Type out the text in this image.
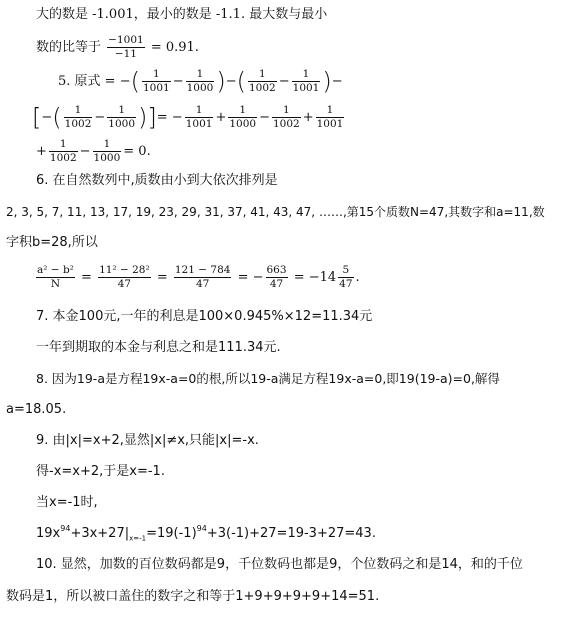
大的数是 -1.001，最小的数是 -1.1. 最大数与最小
数的比等于 $\frac{-1001}{-11} = 0.91$.
5. 原式 = −( $\frac{1}{1001} - \frac{1}{1000}$ )−( $\frac{1}{1002} - \frac{1}{1001}$ )−
[−( $\frac{1}{1002} - \frac{1}{1000}$ )]= − $\frac{1}{1001} + \frac{1}{1000} - \frac{1}{1002} + \frac{1}{1001}$
+ $\frac{1}{1002} - \frac{1}{1000} = 0$.
6. 在自然数列中,质数由小到大依次排列是
2, 3, 5, 7, 11, 13, 17, 19, 23, 29, 31, 37, 41, 43, 47, ……,第15个质数N=47,其数字和a=11,数
字积b=28,所以
$\frac{\text{a² − b²}}{N} = \frac{\text{11² − 28²}}{47} = \frac{121 - 784}{47}$ = − $\frac{663}{47} = -14 \frac{5}{47}$ .
7. 本金100元,一年的利息是100×0.945%×12=11.34元
一年到期取的本金与利息之和是111.34元.
8. 因为19-a是方程19x-a=0的根,所以19-a满足方程19x-a=0,即19(19-a)=0,解得
a=18.05.
9. 由|x|=x+2,显然|x|≠x,只能|x|=-x.
得-x=x+2,于是x=-1.
当x=-1时,
$19x^{94}+3x+27|_{x=-1}=19(-1)^{94}+3(-1)+27=19-3+27=43$.
10. 显然，加数的百位数码都是9，千位数码也都是9，个位数码之和是14，和的千位
数码是1，所以被口盖住的数字之和等于1+9+9+9+9+14=51.
